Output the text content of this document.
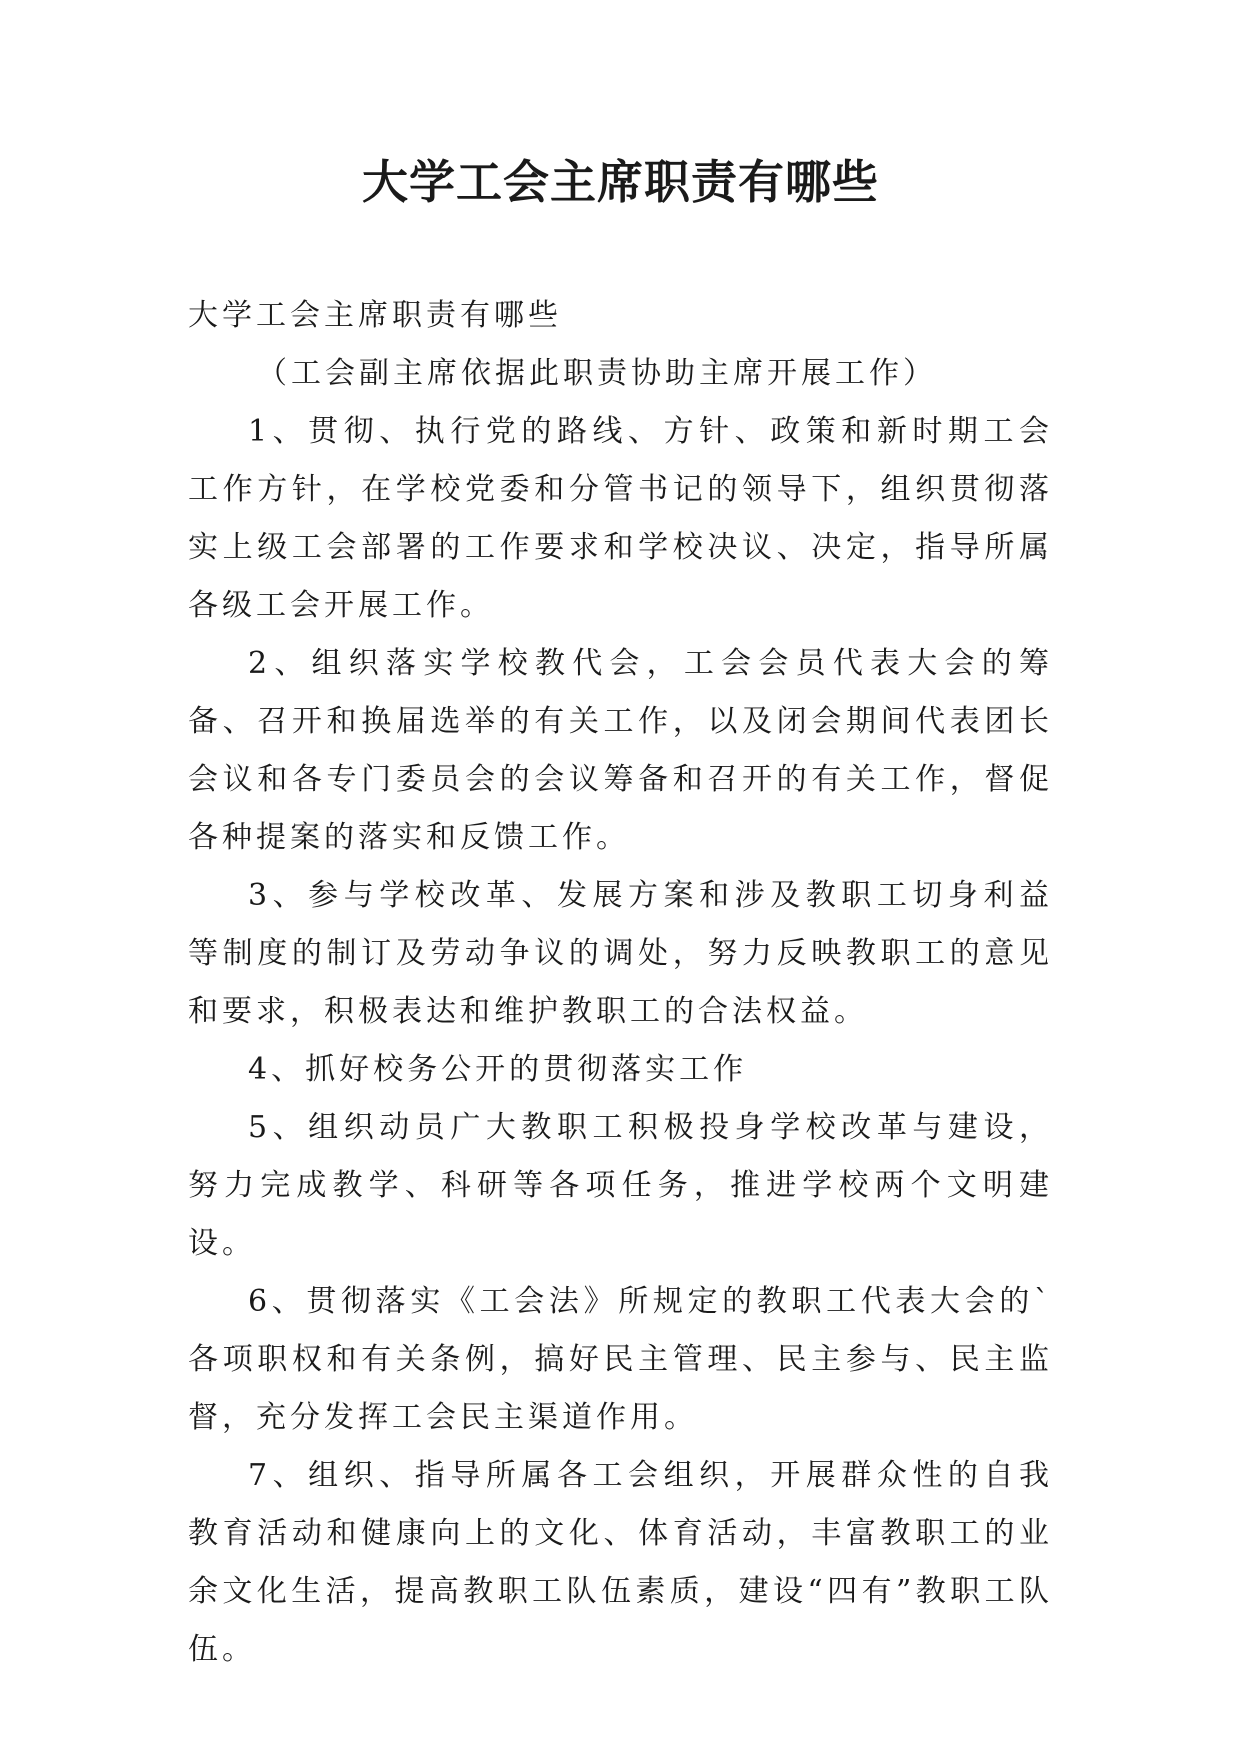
大学工会主席职责有哪些

大学工会主席职责有哪些

（工会副主席依据此职责协助主席开展工作）

1、贯彻、执行党的路线、方针、政策和新时期工会工作方针，在学校党委和分管书记的领导下，组织贯彻落实上级工会部署的工作要求和学校决议、决定，指导所属各级工会开展工作。

2、组织落实学校教代会，工会会员代表大会的筹备、召开和换届选举的有关工作，以及闭会期间代表团长会议和各专门委员会的会议筹备和召开的有关工作，督促各种提案的落实和反馈工作。

3、参与学校改革、发展方案和涉及教职工切身利益等制度的制订及劳动争议的调处，努力反映教职工的意见和要求，积极表达和维护教职工的合法权益。

4、抓好校务公开的贯彻落实工作

5、组织动员广大教职工积极投身学校改革与建设，努力完成教学、科研等各项任务，推进学校两个文明建设。

6、贯彻落实《工会法》所规定的教职工代表大会的`各项职权和有关条例，搞好民主管理、民主参与、民主监督，充分发挥工会民主渠道作用。

7、组织、指导所属各工会组织，开展群众性的自我教育活动和健康向上的文化、体育活动，丰富教职工的业余文化生活，提高教职工队伍素质，建设“四有”教职工队伍。
